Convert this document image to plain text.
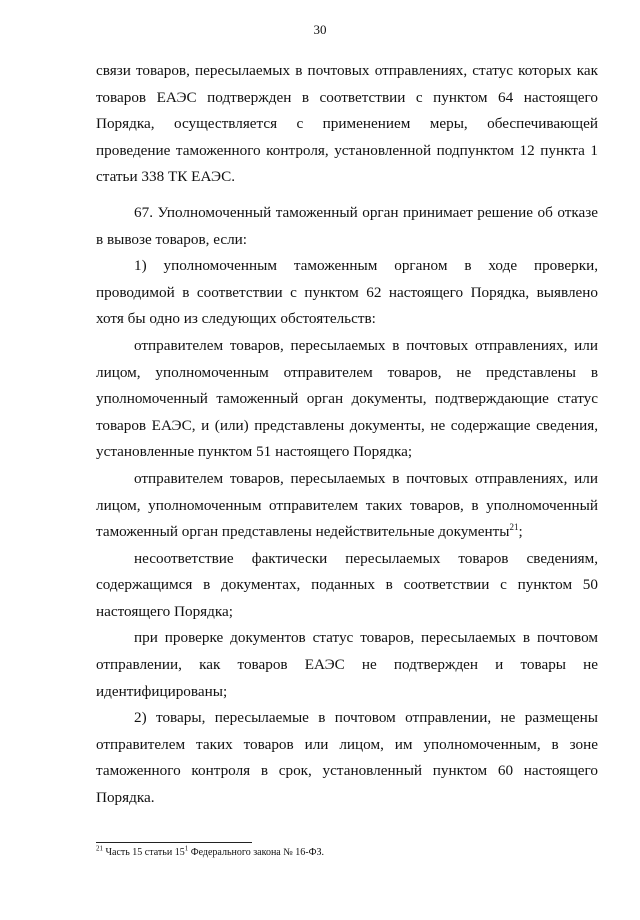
30

связи товаров, пересылаемых в почтовых отправлениях, статус которых как товаров ЕАЭС подтвержден в соответствии с пунктом 64 настоящего Порядка, осуществляется с применением меры, обеспечивающей проведение таможенного контроля, установленной подпунктом 12 пункта 1 статьи 338 ТК ЕАЭС.

67. Уполномоченный таможенный орган принимает решение об отказе в вывозе товаров, если:

1) уполномоченным таможенным органом в ходе проверки, проводимой в соответствии с пунктом 62 настоящего Порядка, выявлено хотя бы одно из следующих обстоятельств:

отправителем товаров, пересылаемых в почтовых отправлениях, или лицом, уполномоченным отправителем товаров, не представлены в уполномоченный таможенный орган документы, подтверждающие статус товаров ЕАЭС, и (или) представлены документы, не содержащие сведения, установленные пунктом 51 настоящего Порядка;

отправителем товаров, пересылаемых в почтовых отправлениях, или лицом, уполномоченным отправителем таких товаров, в уполномоченный таможенный орган представлены недействительные документы$^{21}$;

несоответствие фактически пересылаемых товаров сведениям, содержащимся в документах, поданных в соответствии с пунктом 50 настоящего Порядка;

при проверке документов статус товаров, пересылаемых в почтовом отправлении, как товаров ЕАЭС не подтвержден и товары не идентифицированы;

2) товары, пересылаемые в почтовом отправлении, не размещены отправителем таких товаров или лицом, им уполномоченным, в зоне таможенного контроля в срок, установленный пунктом 60 настоящего Порядка.

$^{21}$ Часть 15 статьи $15^1$ Федерального закона № 16-ФЗ.
